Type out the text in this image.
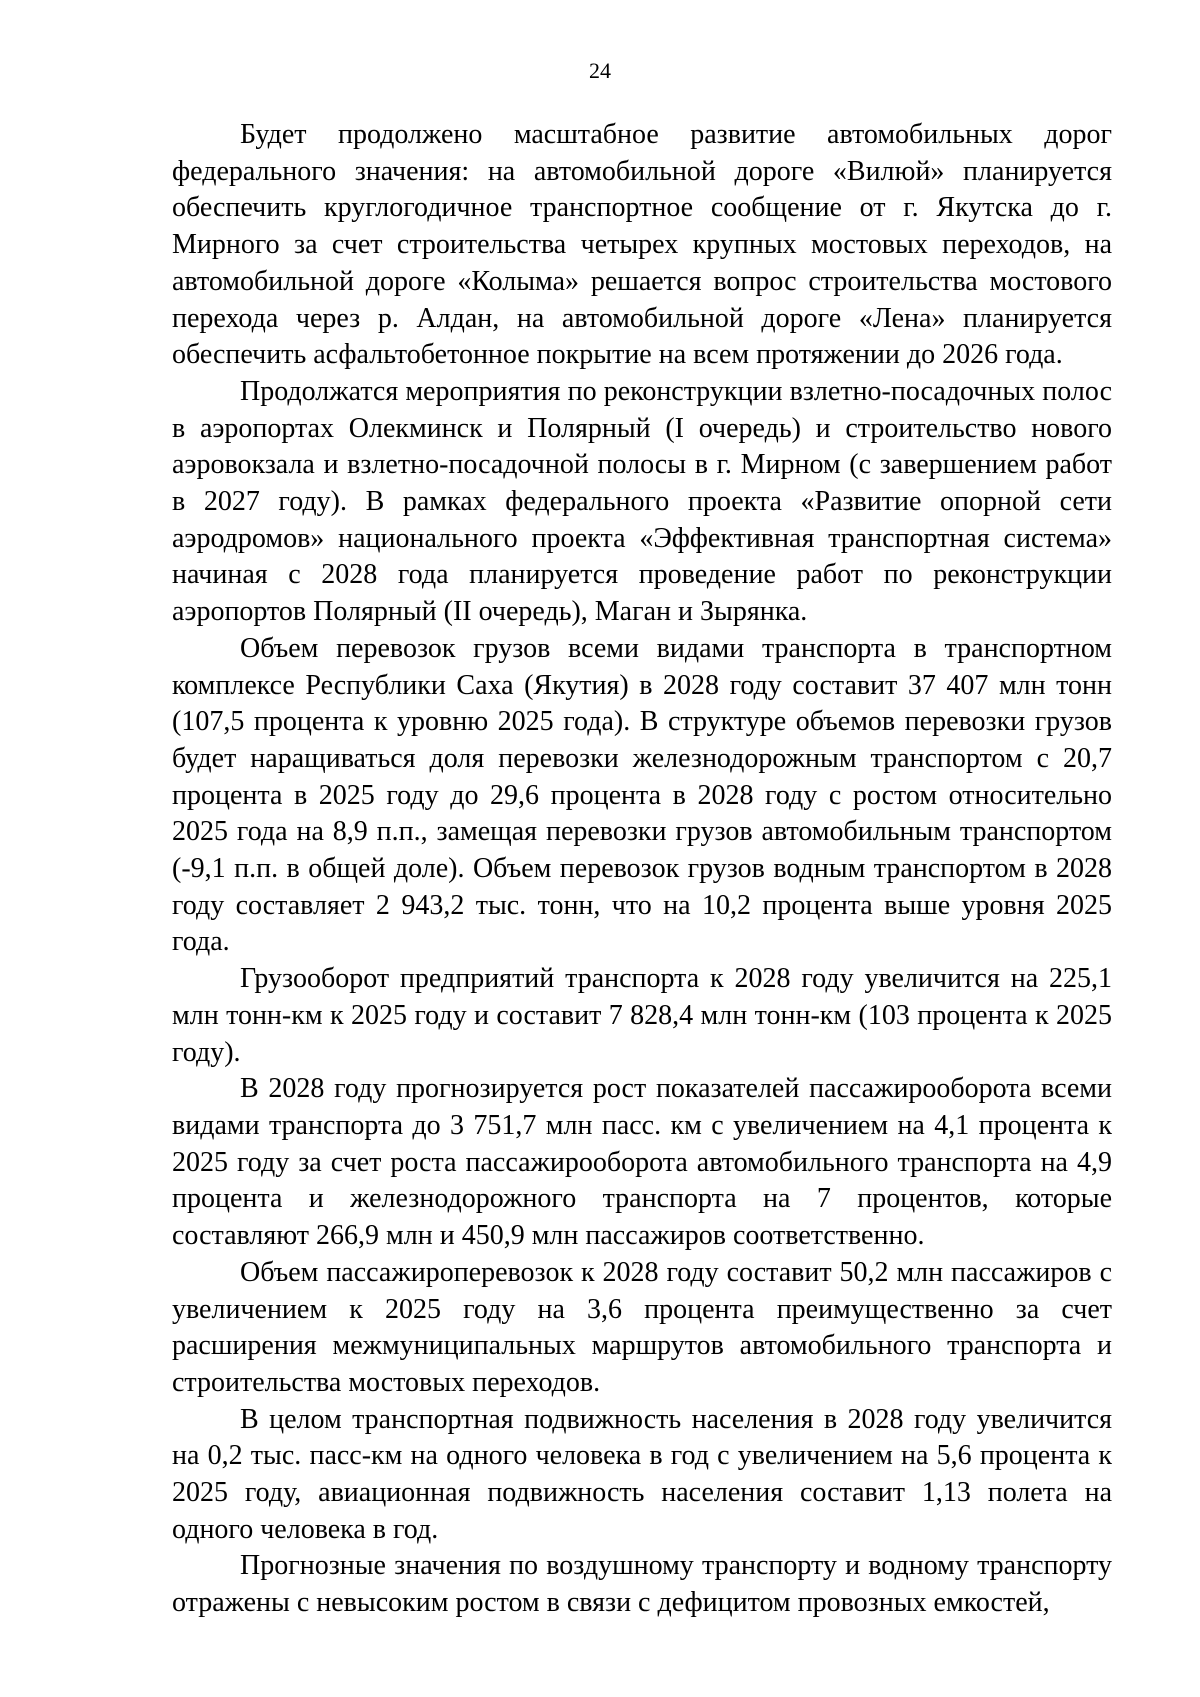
24

Будет продолжено масштабное развитие автомобильных дорог федерального значения: на автомобильной дороге «Вилюй» планируется обеспечить круглогодичное транспортное сообщение от г. Якутска до г. Мирного за счет строительства четырех крупных мостовых переходов, на автомобильной дороге «Колыма» решается вопрос строительства мостового перехода через р. Алдан, на автомобильной дороге «Лена» планируется обеспечить асфальтобетонное покрытие на всем протяжении до 2026 года.

Продолжатся мероприятия по реконструкции взлетно-посадочных полос в аэропортах Олекминск и Полярный (I очередь) и строительство нового аэровокзала и взлетно-посадочной полосы в г. Мирном (с завершением работ в 2027 году). В рамках федерального проекта «Развитие опорной сети аэродромов» национального проекта «Эффективная транспортная система» начиная с 2028 года планируется проведение работ по реконструкции аэропортов Полярный (II очередь), Маган и Зырянка.

Объем перевозок грузов всеми видами транспорта в транспортном комплексе Республики Саха (Якутия) в 2028 году составит 37 407 млн тонн (107,5 процента к уровню 2025 года). В структуре объемов перевозки грузов будет наращиваться доля перевозки железнодорожным транспортом с 20,7 процента в 2025 году до 29,6 процента в 2028 году с ростом относительно 2025 года на 8,9 п.п., замещая перевозки грузов автомобильным транспортом (-9,1 п.п. в общей доле). Объем перевозок грузов водным транспортом в 2028 году составляет 2 943,2 тыс. тонн, что на 10,2 процента выше уровня 2025 года.

Грузооборот предприятий транспорта к 2028 году увеличится на 225,1 млн тонн-км к 2025 году и составит 7 828,4 млн тонн-км (103 процента к 2025 году).

В 2028 году прогнозируется рост показателей пассажирооборота всеми видами транспорта до 3 751,7 млн пасс. км с увеличением на 4,1 процента к 2025 году за счет роста пассажирооборота автомобильного транспорта на 4,9 процента и железнодорожного транспорта на 7 процентов, которые составляют 266,9 млн и 450,9 млн пассажиров соответственно.

Объем пассажироперевозок к 2028 году составит 50,2 млн пассажиров с увеличением к 2025 году на 3,6 процента преимущественно за счет расширения межмуниципальных маршрутов автомобильного транспорта и строительства мостовых переходов.

В целом транспортная подвижность населения в 2028 году увеличится на 0,2 тыс. пасс-км на одного человека в год с увеличением на 5,6 процента к 2025 году, авиационная подвижность населения составит 1,13 полета на одного человека в год.

Прогнозные значения по воздушному транспорту и водному транспорту отражены с невысоким ростом в связи с дефицитом провозных емкостей,
